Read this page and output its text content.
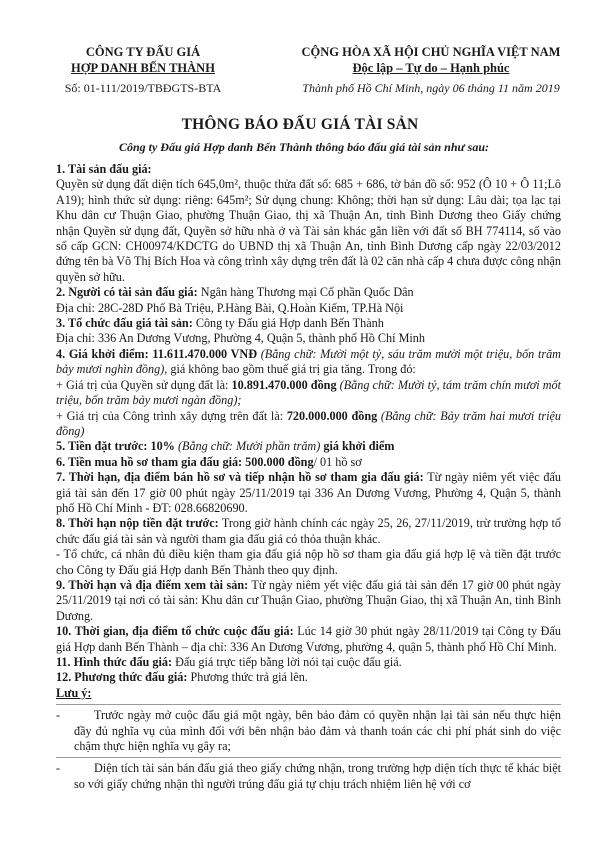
CÔNG TY ĐẤU GIÁ
HỢP DANH BẾN THÀNH
Số: 01-111/2019/TBĐGTS-BTA
CỘNG HÒA XÃ HỘI CHỦ NGHĨA VIỆT NAM
Độc lập – Tự do – Hạnh phúc
Thành phố Hồ Chí Minh, ngày 06 tháng 11 năm 2019
THÔNG BÁO ĐẤU GIÁ TÀI SẢN
Công ty Đấu giá Hợp danh Bến Thành thông báo đấu giá tài sản như sau:

1. Tài sản đấu giá:
Quyền sử dụng đất diện tích 645,0m², thuộc thửa đất số: 685 + 686, tờ bản đồ số: 952 (Ô 10 + Ô 11;Lô A19); hình thức sử dụng: riêng: 645m²; Sử dụng chung: Không; thời hạn sử dụng: Lâu dài; tọa lạc tại Khu dân cư Thuận Giao, phường Thuận Giao, thị xã Thuận An, tỉnh Bình Dương theo Giấy chứng nhận Quyền sử dụng đất, Quyền sở hữu nhà ở và Tài sản khác gắn liền với đất số BH 774114, số vào sổ cấp GCN: CH00974/KDCTG do UBND thị xã Thuận An, tỉnh Bình Dương cấp ngày 22/03/2012 đứng tên bà Võ Thị Bích Hoa và công trình xây dựng trên đất là 02 căn nhà cấp 4 chưa được công nhận quyền sở hữu.

2. Người có tài sản đấu giá: Ngân hàng Thương mại Cổ phần Quốc Dân
Địa chỉ: 28C-28D Phố Bà Triệu, P.Hàng Bài, Q.Hoàn Kiếm, TP.Hà Nội

3. Tổ chức đấu giá tài sản: Công ty Đấu giá Hợp danh Bến Thành
Địa chỉ: 336 An Dương Vương, Phường 4, Quận 5, thành phố Hồ Chí Minh

4. Giá khởi điểm: 11.611.470.000 VNĐ (Bằng chữ: Mười một tỷ, sáu trăm mười một triệu, bốn trăm bảy mươi nghìn đồng), giá không bao gồm thuế giá trị gia tăng. Trong đó:
+ Giá trị của Quyền sử dụng đất là: 10.891.470.000 đồng (Bằng chữ: Mười tỷ, tám trăm chín mươi mốt triệu, bốn trăm bảy mươi ngàn đồng);
+ Giá trị của Công trình xây dựng trên đất là: 720.000.000 đồng (Bằng chữ: Bảy trăm hai mươi triệu đồng)

5. Tiền đặt trước: 10% (Bằng chữ: Mười phần trăm) giá khởi điểm

6. Tiền mua hồ sơ tham gia đấu giá: 500.000 đồng/ 01 hồ sơ

7. Thời hạn, địa điểm bán hồ sơ và tiếp nhận hồ sơ tham gia đấu giá: Từ ngày niêm yết việc đấu giá tài sản đến 17 giờ 00 phút ngày 25/11/2019 tại 336 An Dương Vương, Phường 4, Quận 5, thành phố Hồ Chí Minh - ĐT: 028.66820690.

8. Thời hạn nộp tiền đặt trước: Trong giờ hành chính các ngày 25, 26, 27/11/2019, trừ trường hợp tổ chức đấu giá tài sản và người tham gia đấu giá có thỏa thuận khác.
- Tổ chức, cá nhân đủ điều kiện tham gia đấu giá nộp hồ sơ tham gia đấu giá hợp lệ và tiền đặt trước cho Công ty Đấu giá Hợp danh Bến Thành theo quy định.

9. Thời hạn và địa điểm xem tài sản: Từ ngày niêm yết việc đấu giá tài sản đến 17 giờ 00 phút ngày 25/11/2019 tại nơi có tài sản: Khu dân cư Thuận Giao, phường Thuận Giao, thị xã Thuận An, tỉnh Bình Dương.

10. Thời gian, địa điểm tổ chức cuộc đấu giá: Lúc 14 giờ 30 phút ngày 28/11/2019 tại Công ty Đấu giá Hợp danh Bến Thành – địa chỉ: 336 An Dương Vương, phường 4, quận 5, thành phố Hồ Chí Minh.

11. Hình thức đấu giá: Đấu giá trực tiếp bằng lời nói tại cuộc đấu giá.

12. Phương thức đấu giá: Phương thức trả giá lên.

Lưu ý:

-	Trước ngày mở cuộc đấu giá một ngày, bên bảo đảm có quyền nhận lại tài sản nếu thực hiện đầy đủ nghĩa vụ của mình đối với bên nhận bảo đảm và thanh toán các chi phí phát sinh do việc chậm thực hiện nghĩa vụ gây ra;
-	Diện tích tài sản bán đấu giá theo giấy chứng nhận, trong trường hợp diện tích thực tế khác biệt so với giấy chứng nhận thì người trúng đấu giá tự chịu trách nhiệm liên hệ với cơ
